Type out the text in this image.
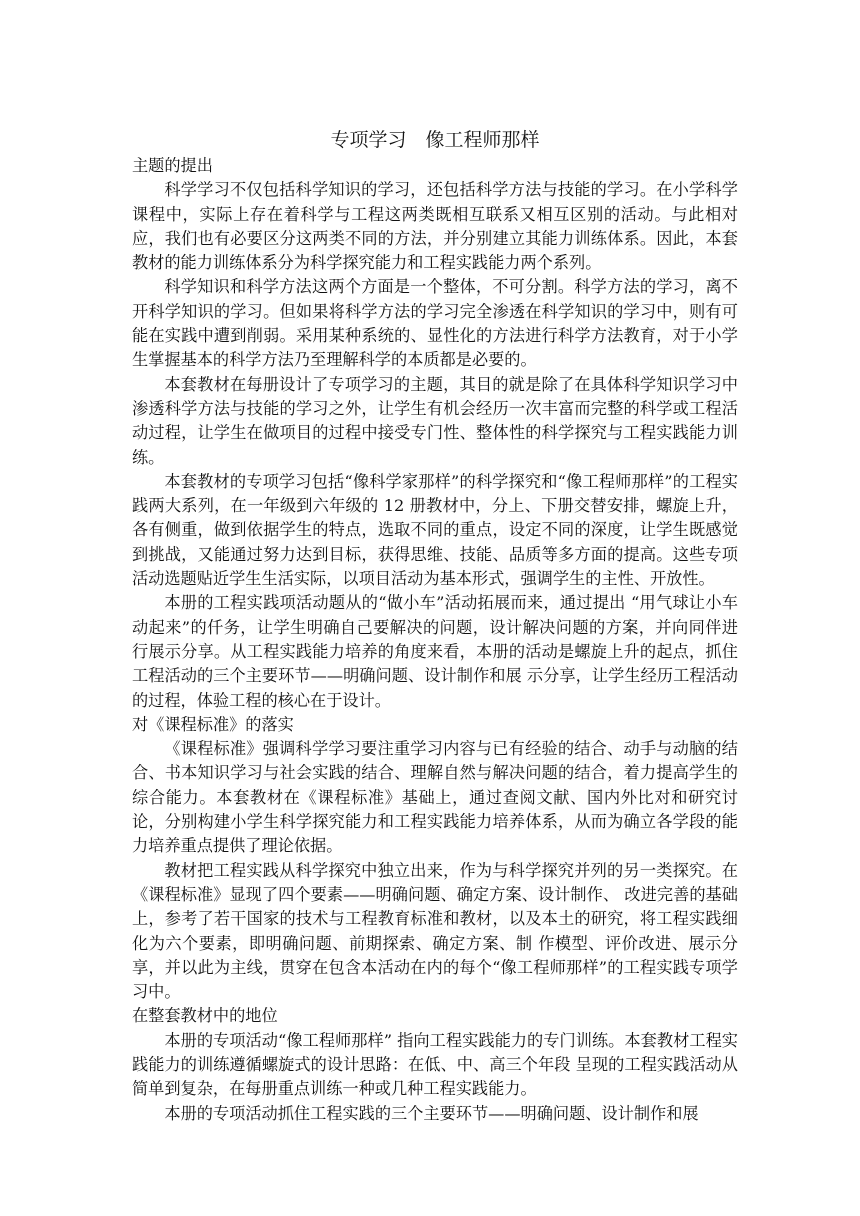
专项学习　像工程师那样

主题的提出

科学学习不仅包括科学知识的学习，还包括科学方法与技能的学习。在小学科学课程中，实际上存在着科学与工程这两类既相互联系又相互区别的活动。与此相对应，我们也有必要区分这两类不同的方法，并分别建立其能力训练体系。因此，本套教材的能力训练体系分为科学探究能力和工程实践能力两个系列。

科学知识和科学方法这两个方面是一个整体，不可分割。科学方法的学习，离不开科学知识的学习。但如果将科学方法的学习完全渗透在科学知识的学习中，则有可能在实践中遭到削弱。采用某种系统的、显性化的方法进行科学方法教育，对于小学生掌握基本的科学方法乃至理解科学的本质都是必要的。

本套教材在每册设计了专项学习的主题，其目的就是除了在具体科学知识学习中渗透科学方法与技能的学习之外，让学生有机会经历一次丰富而完整的科学或工程活动过程，让学生在做项目的过程中接受专门性、整体性的科学探究与工程实践能力训练。

本套教材的专项学习包括“像科学家那样”的科学探究和“像工程师那样”的工程实践两大系列，在一年级到六年级的 12 册教材中，分上、下册交替安排，螺旋上升，各有侧重，做到依据学生的特点，选取不同的重点，设定不同的深度，让学生既感觉到挑战，又能通过努力达到目标，获得思维、技能、品质等多方面的提高。这些专项活动选题贴近学生生活实际，以项目活动为基本形式，强调学生的主性、开放性。

本册的工程实践项活动题从的“做小车”活动拓展而来，通过提出 “用气球让小车动起来”的仟务，让学生明确自己要解决的问题，设计解决问题的方案，并向同伴进行展示分享。从工程实践能力培养的角度来看，本册的活动是螺旋上升的起点，抓住工程活动的三个主要环节——明确问题、设计制作和展 示分享，让学生经历工程活动的过程，体验工程的核心在于设计。

对《课程标准》的落实

《课程标准》强调科学学习要注重学习内容与已有经验的结合、动手与动脑的结合、书本知识学习与社会实践的结合、理解自然与解决问题的结合，着力提高学生的综合能力。本套教材在《课程标准》基础上，通过查阅文献、国内外比对和研究讨论，分别构建小学生科学探究能力和工程实践能力培养体系，从而为确立各学段的能力培养重点提供了理论依据。

教材把工程实践从科学探究中独立出来，作为与科学探究并列的另一类探究。在《课程标准》显现了四个要素——明确问题、确定方案、设计制作、 改进完善的基础上，参考了若干国家的技术与工程教育标准和教材，以及本土的研究，将工程实践细化为六个要素，即明确问题、前期探索、确定方案、制 作模型、评价改进、展示分享，并以此为主线，贯穿在包含本活动在内的每个“像工程师那样”的工程实践专项学习中。

在整套教材中的地位

本册的专项活动“像工程师那样” 指向工程实践能力的专门训练。本套教材工程实践能力的训练遵循螺旋式的设计思路：在低、中、高三个年段 呈现的工程实践活动从简单到复杂，在每册重点训练一种或几种工程实践能力。

本册的专项活动抓住工程实践的三个主要环节——明确问题、设计制作和展
